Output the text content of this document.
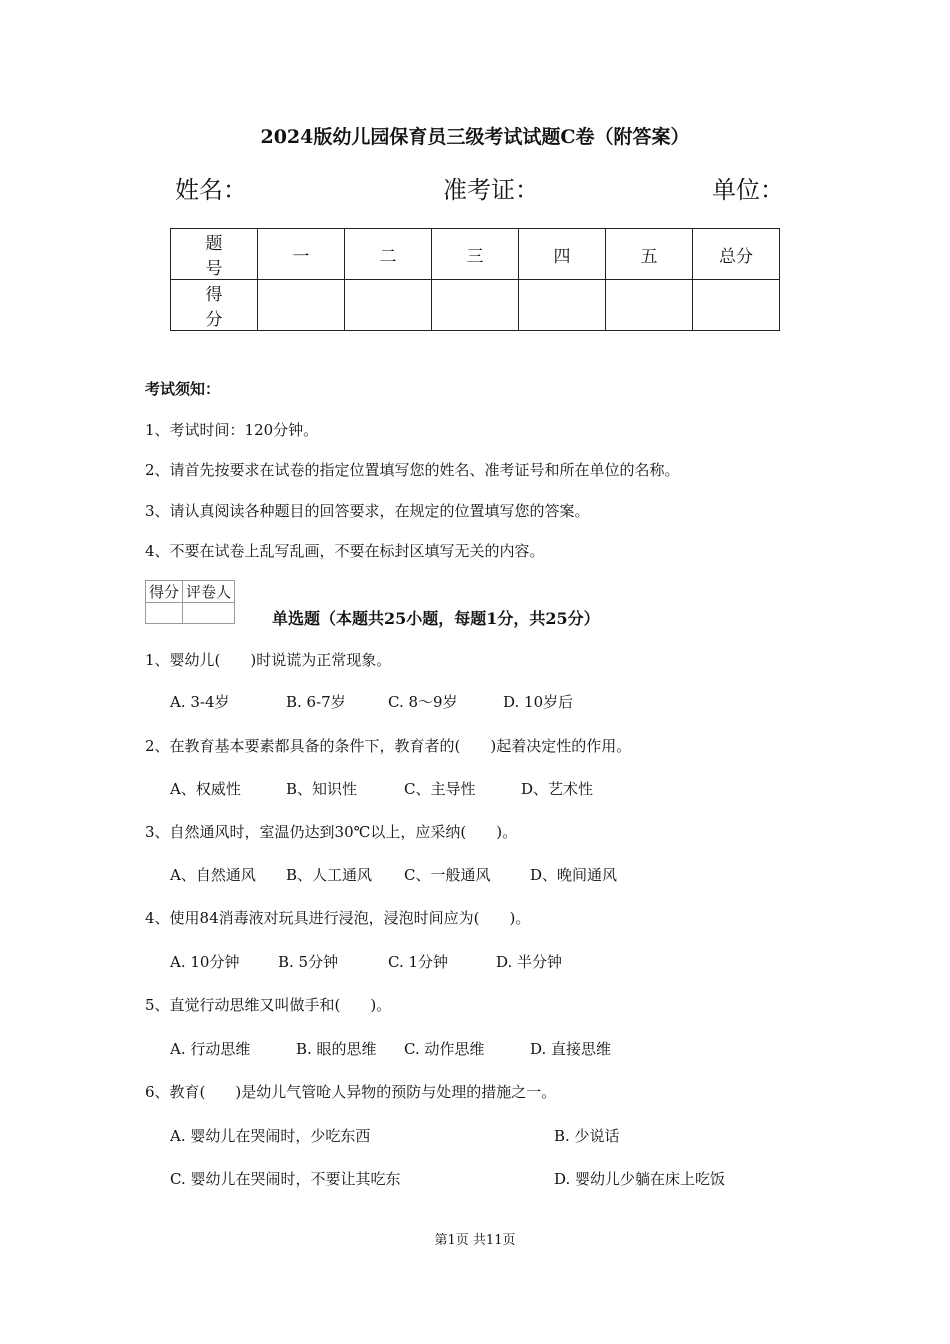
2024版幼儿园保育员三级考试试题C卷（附答案）
姓名：	准考证：	单位：
题　号	一	二	三	四	五	总分
得　分						
考试须知：
1、考试时间：120分钟。
2、请首先按要求在试卷的指定位置填写您的姓名、准考证号和所在单位的名称。
3、请认真阅读各种题目的回答要求，在规定的位置填写您的答案。
4、不要在试卷上乱写乱画，不要在标封区填写无关的内容。
得分	评卷人

单选题（本题共25小题，每题1分，共25分）
1、婴幼儿(　　)时说谎为正常现象。
A. 3-4岁	B. 6-7岁	C. 8～9岁	D. 10岁后
2、在教育基本要素都具备的条件下，教育者的(　　)起着决定性的作用。
A、权威性	B、知识性	C、主导性	D、艺术性
3、自然通风时，室温仍达到30℃以上，应采纳(　　)。
A、自然通风 B、人工通风 C、一般通风	D、晚间通风
4、使用84消毒液对玩具进行浸泡，浸泡时间应为(　　)。
A. 10分钟	B. 5分钟	C. 1分钟	D. 半分钟
5、直觉行动思维又叫做手和(　　)。
A. 行动思维	B. 眼的思维 C. 动作思维	D. 直接思维
6、教育(　　)是幼儿气管呛人异物的预防与处理的措施之一。
A. 婴幼儿在哭闹时，少吃东西	B. 少说话
C. 婴幼儿在哭闹时，不要让其吃东	D. 婴幼儿少躺在床上吃饭
第1页 共11页
